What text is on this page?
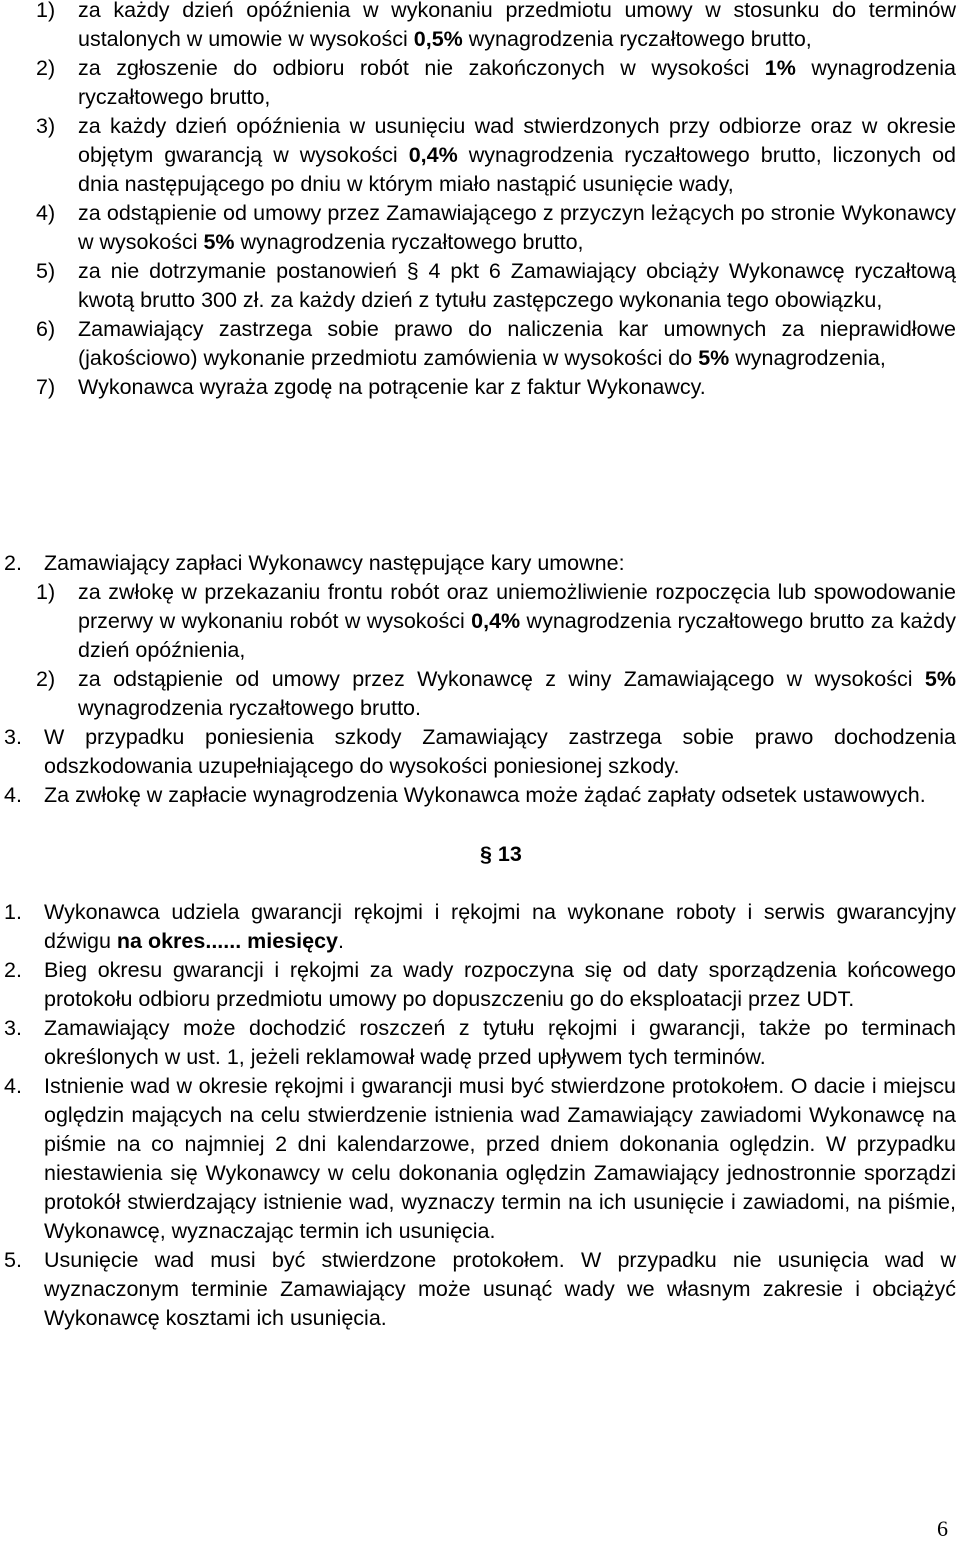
1) za każdy dzień opóźnienia w wykonaniu przedmiotu umowy w stosunku do terminów ustalonych w umowie w wysokości 0,5% wynagrodzenia ryczałtowego brutto,

2) za zgłoszenie do odbioru robót nie zakończonych w wysokości 1% wynagrodzenia ryczałtowego brutto,

3) za każdy dzień opóźnienia w usunięciu wad stwierdzonych przy odbiorze oraz w okresie objętym gwarancją w wysokości 0,4% wynagrodzenia ryczałtowego brutto, liczonych od dnia następującego po dniu w którym miało nastąpić usunięcie wady,

4) za odstąpienie od umowy przez Zamawiającego z przyczyn leżących po stronie Wykonawcy w wysokości 5% wynagrodzenia ryczałtowego brutto,

5) za nie dotrzymanie postanowień § 4 pkt 6 Zamawiający obciąży Wykonawcę ryczałtową kwotą brutto 300 zł. za każdy dzień z tytułu zastępczego wykonania tego obowiązku,

6) Zamawiający zastrzega sobie prawo do naliczenia kar umownych za nieprawidłowe (jakościowo) wykonanie przedmiotu zamówienia w wysokości do 5% wynagrodzenia,

7) Wykonawca wyraża zgodę na potrącenie kar z faktur Wykonawcy.

2. Zamawiający zapłaci Wykonawcy następujące kary umowne:

1) za zwłokę w przekazaniu frontu robót oraz uniemożliwienie rozpoczęcia lub spowodowanie przerwy w wykonaniu robót w wysokości 0,4% wynagrodzenia ryczałtowego brutto za każdy dzień opóźnienia,

2) za odstąpienie od umowy przez Wykonawcę z winy Zamawiającego w wysokości 5% wynagrodzenia ryczałtowego brutto.

3. W przypadku poniesienia szkody Zamawiający zastrzega sobie prawo dochodzenia odszkodowania uzupełniającego do wysokości poniesionej szkody.

4. Za zwłokę w zapłacie wynagrodzenia Wykonawca może żądać zapłaty odsetek ustawowych.

§ 13

1. Wykonawca udziela gwarancji rękojmi i rękojmi na wykonane roboty i serwis gwarancyjny dźwigu na okres...... miesięcy.

2. Bieg okresu gwarancji i rękojmi za wady rozpoczyna się od daty sporządzenia końcowego protokołu odbioru przedmiotu umowy po dopuszczeniu go do eksploatacji przez UDT.

3. Zamawiający może dochodzić roszczeń z tytułu rękojmi i gwarancji, także po terminach określonych w ust. 1, jeżeli reklamował wadę przed upływem tych terminów.

4. Istnienie wad w okresie rękojmi i gwarancji musi być stwierdzone protokołem. O dacie i miejscu oględzin mających na celu stwierdzenie istnienia wad Zamawiający zawiadomi Wykonawcę na piśmie na co najmniej 2 dni kalendarzowe, przed dniem dokonania oględzin. W przypadku niestawienia się Wykonawcy w celu dokonania oględzin Zamawiający jednostronnie sporządzi protokół stwierdzający istnienie wad, wyznaczy termin na ich usunięcie i zawiadomi, na piśmie, Wykonawcę, wyznaczając termin ich usunięcia.

5. Usunięcie wad musi być stwierdzone protokołem. W przypadku nie usunięcia wad w wyznaczonym terminie Zamawiający może usunąć wady we własnym zakresie i obciążyć Wykonawcę kosztami ich usunięcia.

6
